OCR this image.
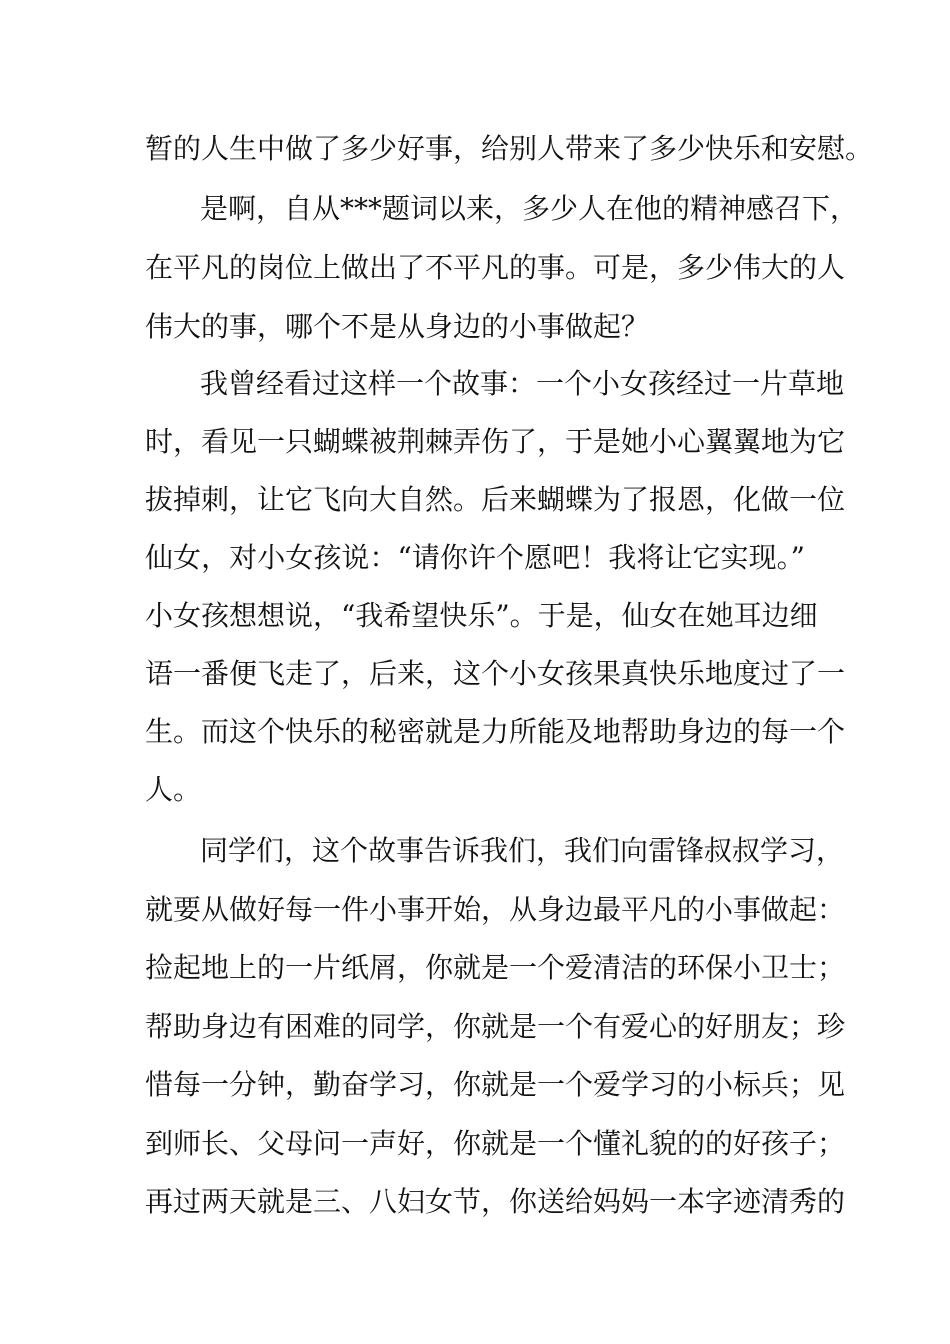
暂的人生中做了多少好事，给别人带来了多少快乐和安慰。

是啊，自从***题词以来，多少人在他的精神感召下，

在平凡的岗位上做出了不平凡的事。可是，多少伟大的人

伟大的事，哪个不是从身边的小事做起？

我曾经看过这样一个故事：一个小女孩经过一片草地

时，看见一只蝴蝶被荆棘弄伤了，于是她小心翼翼地为它

拔掉刺，让它飞向大自然。后来蝴蝶为了报恩，化做一位

仙女，对小女孩说：“请你许个愿吧！我将让它实现。”

小女孩想想说，“我希望快乐”。于是，仙女在她耳边细

语一番便飞走了，后来，这个小女孩果真快乐地度过了一

生。而这个快乐的秘密就是力所能及地帮助身边的每一个

人。

同学们，这个故事告诉我们，我们向雷锋叔叔学习，

就要从做好每一件小事开始，从身边最平凡的小事做起：

捡起地上的一片纸屑，你就是一个爱清洁的环保小卫士；

帮助身边有困难的同学，你就是一个有爱心的好朋友；珍

惜每一分钟，勤奋学习，你就是一个爱学习的小标兵；见

到师长、父母问一声好，你就是一个懂礼貌的的好孩子；

再过两天就是三、八妇女节，你送给妈妈一本字迹清秀的
